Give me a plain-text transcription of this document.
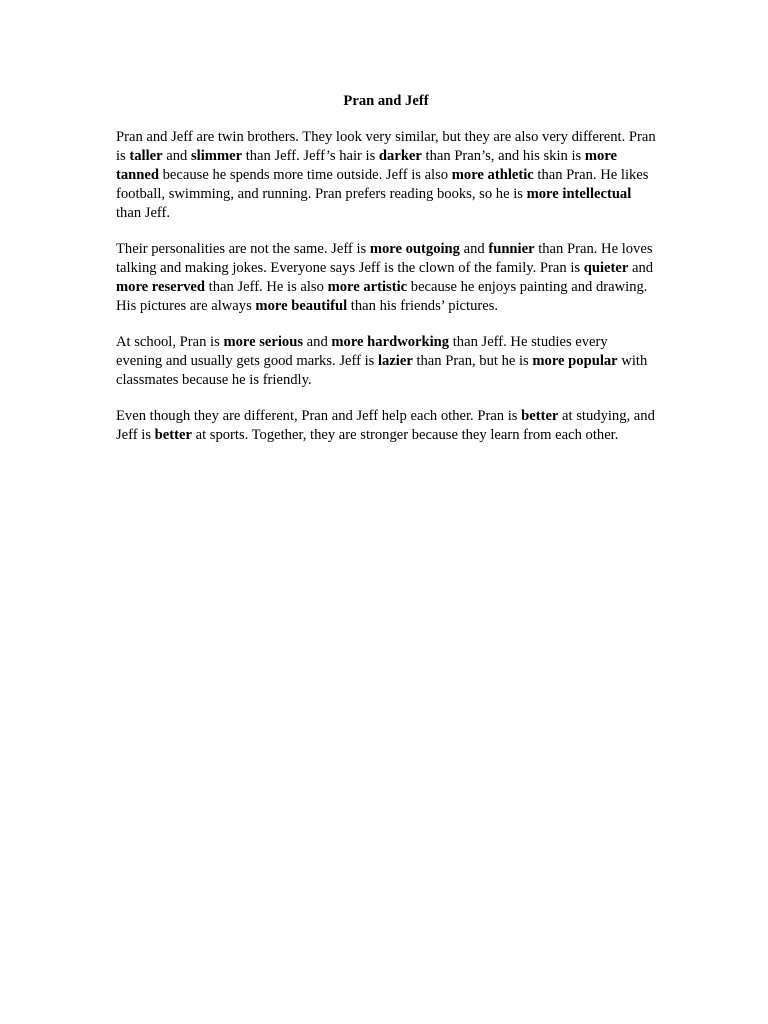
Pran and Jeff

Pran and Jeff are twin brothers. They look very similar, but they are also very different. Pran is taller and slimmer than Jeff. Jeff’s hair is darker than Pran’s, and his skin is more tanned because he spends more time outside. Jeff is also more athletic than Pran. He likes football, swimming, and running. Pran prefers reading books, so he is more intellectual than Jeff.

Their personalities are not the same. Jeff is more outgoing and funnier than Pran. He loves talking and making jokes. Everyone says Jeff is the clown of the family. Pran is quieter and more reserved than Jeff. He is also more artistic because he enjoys painting and drawing. His pictures are always more beautiful than his friends’ pictures.

At school, Pran is more serious and more hardworking than Jeff. He studies every evening and usually gets good marks. Jeff is lazier than Pran, but he is more popular with classmates because he is friendly.

Even though they are different, Pran and Jeff help each other. Pran is better at studying, and Jeff is better at sports. Together, they are stronger because they learn from each other.
